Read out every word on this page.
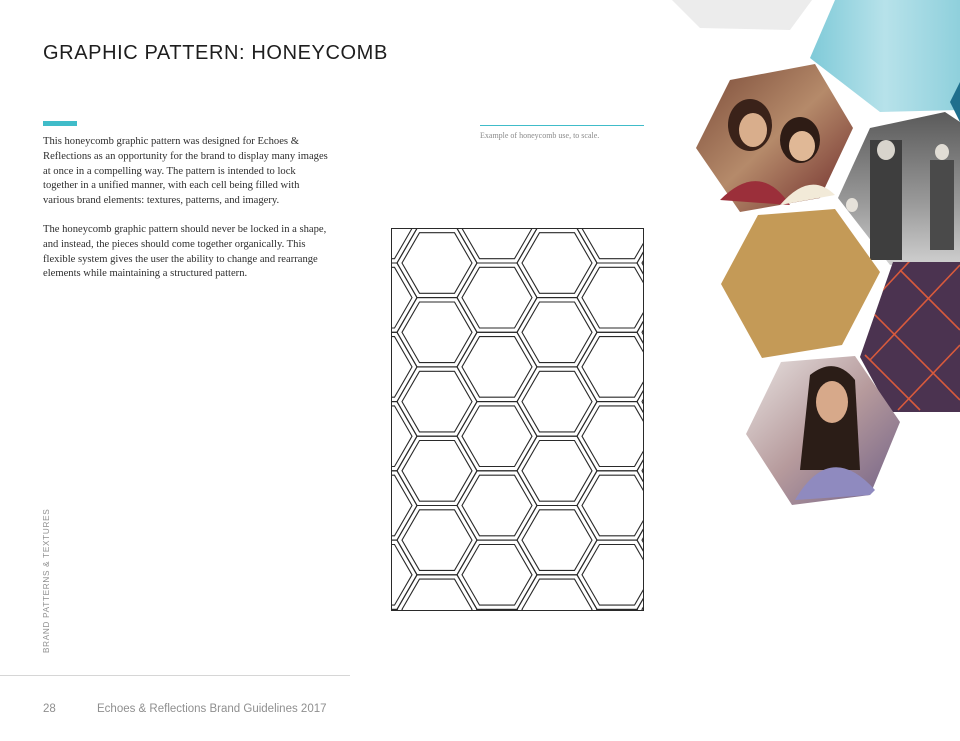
GRAPHIC PATTERN: HONEYCOMB

This honeycomb graphic pattern was designed for Echoes & Reflections as an opportunity for the brand to display many images at once in a compelling way. The pattern is intended to lock together in a unified manner, with each cell being filled with various brand elements: textures, patterns, and imagery.

The honeycomb graphic pattern should never be locked in a shape, and instead, the pieces should come together organically. This flexible system gives the user the ability to change and rearrange elements while maintaining a structured pattern.

Example of honeycomb use, to scale.
BRAND PATTERNS & TEXTURES
28	Echoes & Reflections Brand Guidelines 2017
